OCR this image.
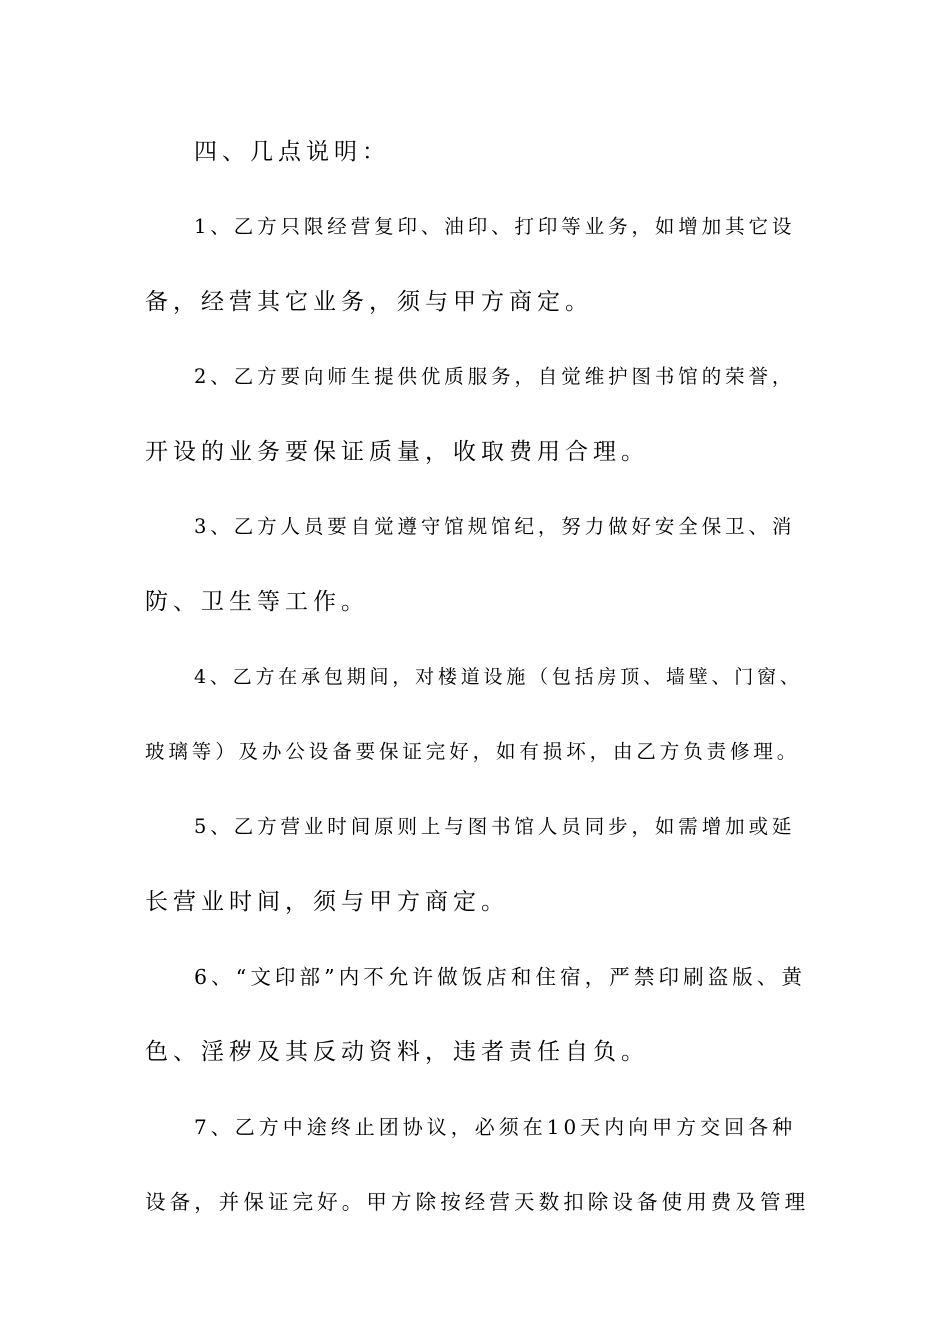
四、几点说明：
1、乙方只限经营复印、油印、打印等业务，如增加其它设
备，经营其它业务，须与甲方商定。
2、乙方要向师生提供优质服务，自觉维护图书馆的荣誉，
开设的业务要保证质量，收取费用合理。
3、乙方人员要自觉遵守馆规馆纪，努力做好安全保卫、消
防、卫生等工作。
4、乙方在承包期间，对楼道设施（包括房顶、墙壁、门窗、
玻璃等）及办公设备要保证完好，如有损坏，由乙方负责修理。
5、乙方营业时间原则上与图书馆人员同步，如需增加或延
长营业时间，须与甲方商定。
6、“文印部”内不允许做饭店和住宿，严禁印刷盗版、黄
色、淫秽及其反动资料，违者责任自负。
7、乙方中途终止团协议，必须在10天内向甲方交回各种
设备，并保证完好。甲方除按经营天数扣除设备使用费及管理
